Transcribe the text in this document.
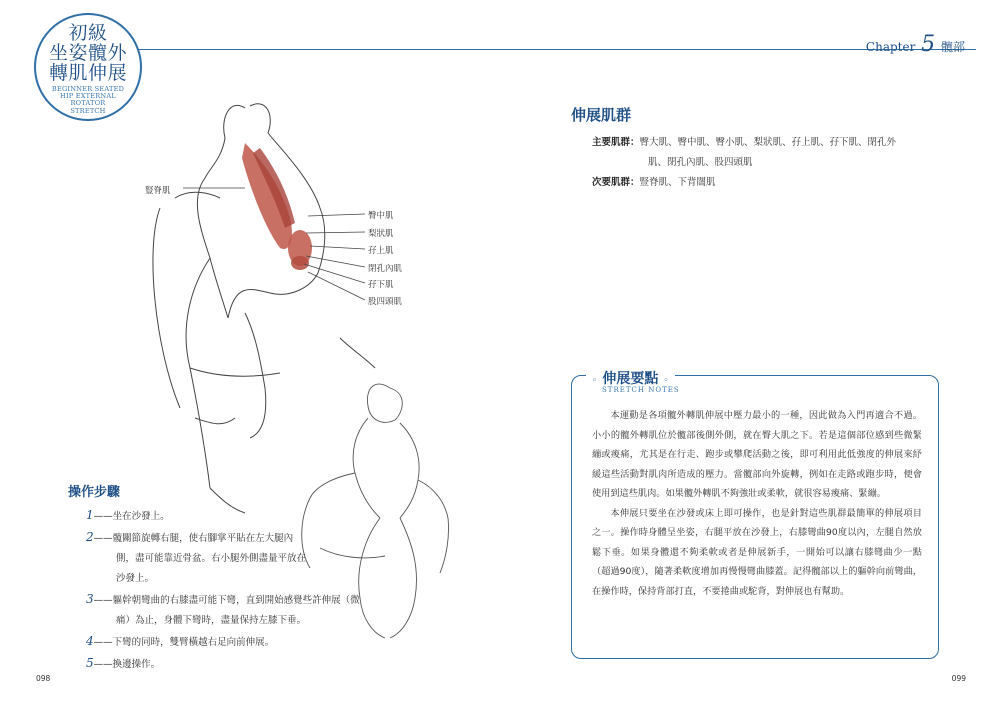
初級
坐姿髖外
轉肌伸展
BEGINNER SEATED
HIP EXTERNAL
ROTATOR
STRETCH
Chapter 5 髖部
豎脊肌
臀中肌
梨狀肌
孖上肌
閉孔內肌
孖下肌
股四頭肌
伸展肌群
主要肌群：臀大肌、臀中肌、臀小肌、梨狀肌、孖上肌、孖下肌、閉孔外
肌、閉孔內肌、股四頭肌
次要肌群：豎脊肌、下背闊肌
◦ 伸展要點 ◦
STRETCH NOTES

本運動是各項髖外轉肌伸展中壓力最小的一種，因此做為入門再適合不過。小小的髖外轉肌位於髖部後側外側，就在臀大肌之下。若是這個部位感到些微緊繃或痠痛，尤其是在行走、跑步或攀爬活動之後，即可利用此低強度的伸展來紓緩這些活動對肌肉所造成的壓力。當髖部向外旋轉，例如在走路或跑步時，便會使用到這些肌肉。如果髖外轉肌不夠強壯或柔軟，就很容易痠痛、緊繃。

本伸展只要坐在沙發或床上即可操作，也是針對這些肌群最簡單的伸展項目之一。操作時身體呈坐姿，右腿平放在沙發上，右膝彎曲90度以內，左腿自然放鬆下垂。如果身體還不夠柔軟或者是伸展新手，一開始可以讓右膝彎曲少一點（超過90度），隨著柔軟度增加再慢慢彎曲膝蓋。記得髖部以上的軀幹向前彎曲，在操作時，保持背部打直，不要捲曲或駝背，對伸展也有幫助。

操作步驟
1——坐在沙發上。
2——髖關節旋轉右腿，使右腳掌平貼在左大腿內
側，盡可能靠近骨盆。右小腿外側盡量平放在
沙發上。
3——軀幹朝彎曲的右膝盡可能下彎，直到開始感覺些許伸展（微
痛）為止，身體下彎時，盡量保持左膝下垂。
4——下彎的同時，雙臂橫越右足向前伸展。
5——換邊操作。
098	099
